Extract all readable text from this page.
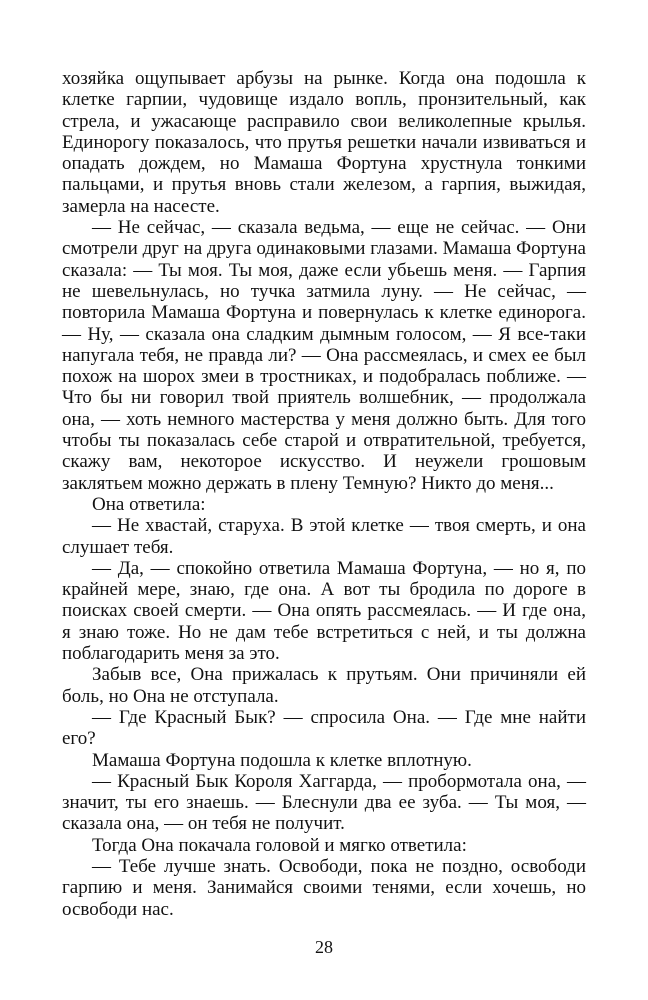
хозяйка ощупывает арбузы на рынке. Когда она подошла к клетке гарпии, чудовище издало вопль, пронзительный, как стрела, и ужасающе расправило свои великолепные крылья. Единорогу показалось, что прутья решетки начали извиваться и опадать дождем, но Мамаша Фортуна хрустнула тонкими пальцами, и прутья вновь стали железом, а гарпия, выжидая, замерла на насесте.

— Не сейчас, — сказала ведьма, — еще не сейчас. — Они смотрели друг на друга одинаковыми глазами. Мамаша Фортуна сказала: — Ты моя. Ты моя, даже если убьешь меня. — Гарпия не шевельнулась, но тучка затмила луну. — Не сейчас, — повторила Мамаша Фортуна и повернулась к клетке единорога. — Ну, — сказала она сладким дымным голосом, — Я все-таки напугала тебя, не правда ли? — Она рассмеялась, и смех ее был похож на шорох змеи в тростниках, и подобралась поближе. — Что бы ни говорил твой приятель волшебник, — продолжала она, — хоть немного мастерства у меня должно быть. Для того чтобы ты показалась себе старой и отвратительной, требуется, скажу вам, некоторое искусство. И неужели грошовым заклятьем можно держать в плену Темную? Никто до меня...

Она ответила:

— Не хвастай, старуха. В этой клетке — твоя смерть, и она слушает тебя.

— Да, — спокойно ответила Мамаша Фортуна, — но я, по крайней мере, знаю, где она. А вот ты бродила по дороге в поисках своей смерти. — Она опять рассмеялась. — И где она, я знаю тоже. Но не дам тебе встретиться с ней, и ты должна поблагодарить меня за это.

Забыв все, Она прижалась к прутьям. Они причиняли ей боль, но Она не отступала.

— Где Красный Бык? — спросила Она. — Где мне найти его?

Мамаша Фортуна подошла к клетке вплотную.

— Красный Бык Короля Хаггарда, — пробормотала она, — значит, ты его знаешь. — Блеснули два ее зуба. — Ты моя, — сказала она, — он тебя не получит.

Тогда Она покачала головой и мягко ответила:

— Тебе лучше знать. Освободи, пока не поздно, освободи гарпию и меня. Занимайся своими тенями, если хочешь, но освободи нас.

28
